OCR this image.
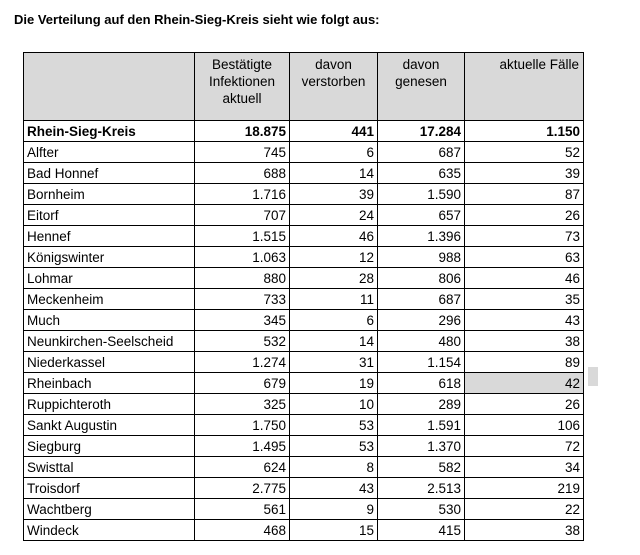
Die Verteilung auf den Rhein-Sieg-Kreis sieht wie folgt aus:
	Bestätigte Infektionen aktuell	davon verstorben	davon genesen	aktuelle Fälle
Rhein-Sieg-Kreis	18.875	441	17.284	1.150
Alfter	745	6	687	52
Bad Honnef	688	14	635	39
Bornheim	1.716	39	1.590	87
Eitorf	707	24	657	26
Hennef	1.515	46	1.396	73
Königswinter	1.063	12	988	63
Lohmar	880	28	806	46
Meckenheim	733	11	687	35
Much	345	6	296	43
Neunkirchen-Seelscheid	532	14	480	38
Niederkassel	1.274	31	1.154	89
Rheinbach	679	19	618	42
Ruppichteroth	325	10	289	26
Sankt Augustin	1.750	53	1.591	106
Siegburg	1.495	53	1.370	72
Swisttal	624	8	582	34
Troisdorf	2.775	43	2.513	219
Wachtberg	561	9	530	22
Windeck	468	15	415	38
